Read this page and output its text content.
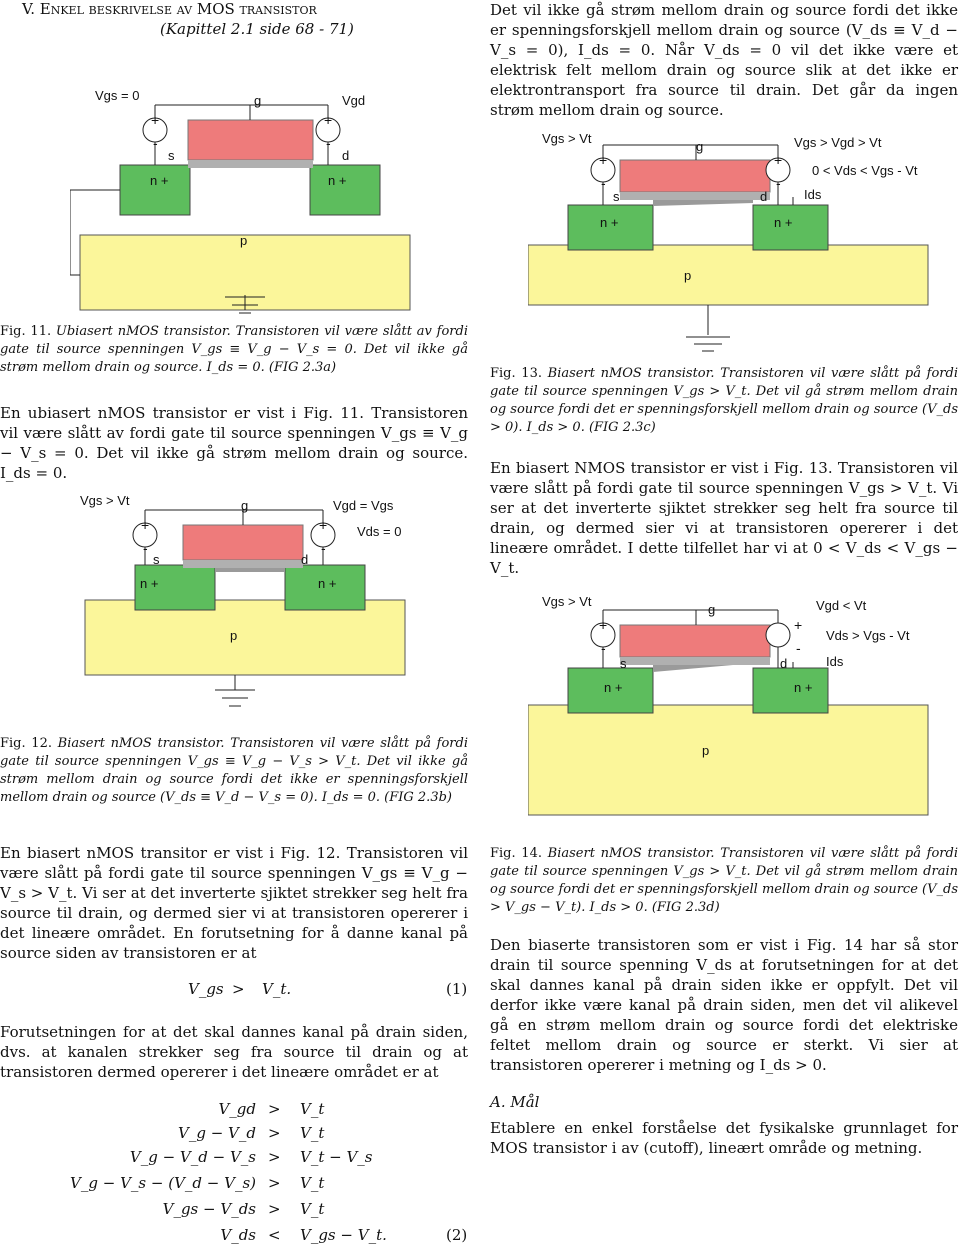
V. Enkel beskrivelse av MOS transistor
(Kapittel 2.1 side 68 - 71)
Vgs = 0	g	Vgd
+
-
+
-
s	d
n +	n +
p

Fig. 11. Ubiasert nMOS transistor. Transistoren vil være slått av fordi gate til source spenningen V_gs ≡ V_g − V_s = 0. Det vil ikke gå strøm mellom drain og source. I_ds = 0. (FIG 2.3a)

En ubiasert nMOS transistor er vist i Fig. 11. Transistoren vil være slått av fordi gate til source spenningen V_gs ≡ V_g − V_s = 0. Det vil ikke gå strøm mellom drain og source. I_ds = 0.

Vgs > Vt	g	Vgd = Vgs
Vds = 0
+
-
+
-
s	d
n +	n +
p

Fig. 12. Biasert nMOS transistor. Transistoren vil være slått på fordi gate til source spenningen V_gs ≡ V_g − V_s > V_t. Det vil ikke gå strøm mellom drain og source fordi det ikke er spenningsforskjell mellom drain og source (V_ds ≡ V_d − V_s = 0). I_ds = 0. (FIG 2.3b)

En biasert nMOS transitor er vist i Fig. 12. Transistoren vil være slått på fordi gate til source spenningen V_gs ≡ V_g − V_s > V_t. Vi ser at det inverterte sjiktet strekker seg helt fra source til drain, og dermed sier vi at transistoren opererer i det lineære området. En forutsetning for å danne kanal på source siden av transistoren er at

V_gs > V_t.	(1)

Forutsetningen for at det skal dannes kanal på drain siden, dvs. at kanalen strekker seg fra source til drain og at transistoren dermed opererer i det lineære området er at

V_gd > V_t
V_g − V_d > V_t
V_g − V_d − V_s > V_t − V_s
V_g − V_s − (V_d − V_s) > V_t
V_gs − V_ds > V_t
V_ds < V_gs − V_t.	(2)

Det vil ikke gå strøm mellom drain og source fordi det ikke er spenningsforskjell mellom drain og source (V_ds ≡ V_d − V_s = 0), I_ds = 0. Når V_ds = 0 vil det ikke være et elektrisk felt mellom drain og source slik at det ikke er elektrontransport fra source til drain. Det går da ingen strøm mellom drain og source.

Vgs > Vt
g	Vgs > Vgd > Vt
0 < Vds < Vgs - Vt
Ids
+
-
+
-
s	d
n +	n +
p

Fig. 13. Biasert nMOS transistor. Transistoren vil være slått på fordi gate til source spenningen V_gs > V_t. Det vil gå strøm mellom drain og source fordi det er spenningsforskjell mellom drain og source (V_ds > 0). I_ds > 0. (FIG 2.3c)

En biasert NMOS transistor er vist i Fig. 13. Transistoren vil være slått på fordi gate til source spenningen V_gs > V_t. Vi ser at det inverterte sjiktet strekker seg helt fra source til drain, og dermed sier vi at transistoren opererer i det lineære området. I dette tilfellet har vi at 0 < V_ds < V_gs − V_t.

Vgs > Vt
g	Vgd < Vt
Vds > Vgs - Vt
Ids
+
-
+
-
s	d
n +	n +
p

Fig. 14. Biasert nMOS transistor. Transistoren vil være slått på fordi gate til source spenningen V_gs > V_t. Det vil gå strøm mellom drain og source fordi det er spenningsforskjell mellom drain og source (V_ds > V_gs − V_t). I_ds > 0. (FIG 2.3d)

Den biaserte transistoren som er vist i Fig. 14 har så stor drain til source spenning V_ds at forutsetningen for at det skal dannes kanal på drain siden ikke er oppfylt. Det vil derfor ikke være kanal på drain siden, men det vil alikevel gå en strøm mellom drain og source fordi det elektriske feltet mellom drain og source er sterkt. Vi sier at transistoren opererer i metning og I_ds > 0.

A. Mål

Etablere en enkel forståelse det fysikalske grunnlaget for MOS transistor i av (cutoff), lineært område og metning.
